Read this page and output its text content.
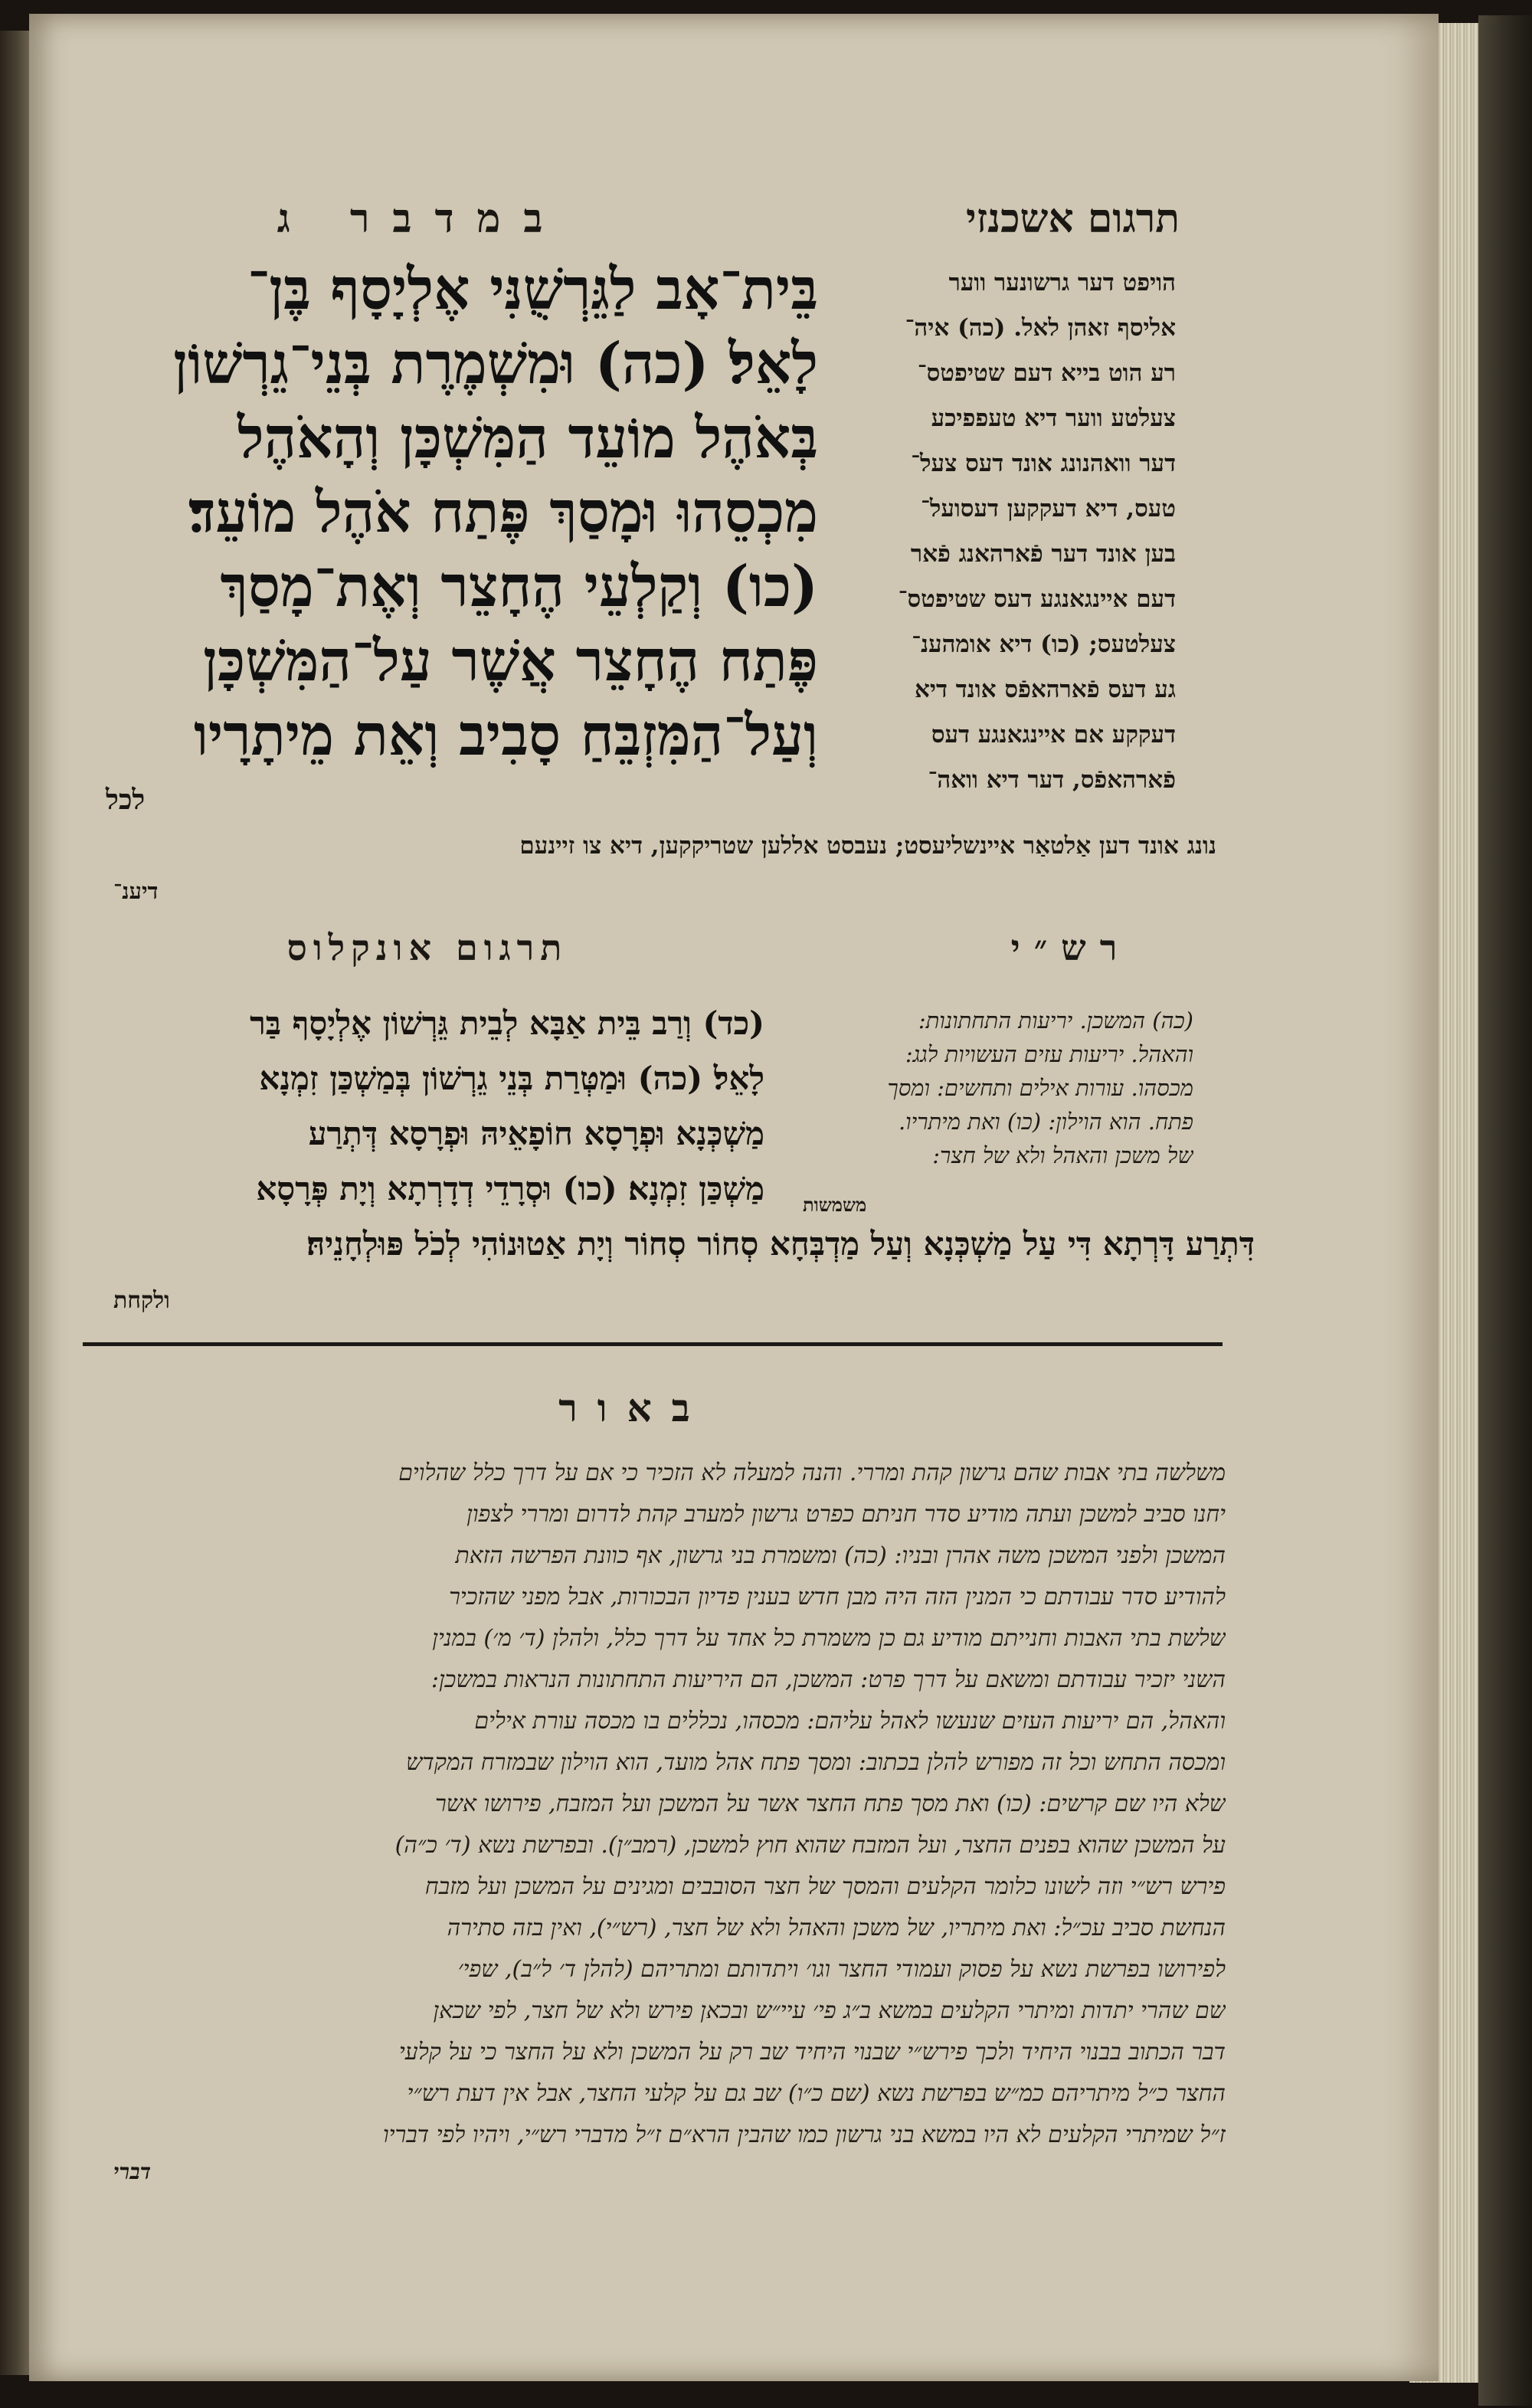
תרגום אשכנזי
במדבר ג
הויפט דער גרשונער ווער
אליסף זאהן לאל. (כה) איה־
רע הוט בייא דעם שטיפטס־
צעלטע ווער דיא טעפפיכע
דער וואהנונג אונד דעס צעל־
טעס, דיא דעקקען דעסועל־
בען אונד דער פֿארהאנג פֿאר
דעם איינגאנגע דעס שטיפטס־
צעלטעס; (כו) דיא אומהענ־
גע דעס פֿארהאפֿס אונד דיא
דעקקע אם איינגאנגע דעס
פֿארהאפֿס, דער דיא וואה־
בֵּית־אָב לַגֵּרְשֻׁנִּי אֶלְיָסָף בֶּן־
לָאֵל׃ (כה) וּמִשְׁמֶרֶת בְּנֵי־גֵרְשׁוֹן
בְּאֹהֶל מוֹעֵד הַמִּשְׁכָּן וְהָאֹהֶל
מִכְסֵהוּ וּמָסַךְ פֶּתַח אֹהֶל מוֹעֵד׃
(כו) וְקַלְעֵי הֶחָצֵר וְאֶת־מָסַךְ
פֶּתַח הֶחָצֵר אֲשֶׁר עַל־הַמִּשְׁכָּן
וְעַל־הַמִּזְבֵּחַ סָבִיב וְאֵת מֵיתָרָיו
לכל
נונג אונד דען אַלטאַר איינשליעסט; נעבסט אללען שטריקקען, דיא צו זיינעם
דיענ־
רש״י
תרגום אונקלוס
(כה) המשכן. יריעות התחתונות:
והאהל. יריעות עזים העשויות לגג:
מכסהו. עורות אילים ותחשים: ומסך
פתח. הוא הוילון: (כו) ואת מיתריו.
של משכן והאהל ולא של חצר:
(כד) וְרַב בֵּית אַבָּא לְבֵית גֵּרְשׁוֹן אֶלְיָסָף בַּר
לָאֵל׃ (כה) וּמַטְּרַת בְּנֵי גֵרְשׁוֹן בְּמַשְׁכַּן זִמְנָא
מַשְׁכְּנָא וּפְרָסָא חוֹפָאֵיהּ וּפְרָסָא דְּתְרַע
מַשְׁכַּן זִמְנָא׃ (כו) וּסְרָדֵי דְדָרְתָא וְיָת פְּרָסָא משמשות
דִּתְרַע דָּרְתָא דִּי עַל מַשְׁכְּנָא וְעַל מַדְבְּחָא סְחוֹר סְחוֹר וְיָת אַטוּנוֹהִי לְכֹל פּוּלְחָנֵיהּ׃
ולקחת
באור
משלשה בתי אבות שהם גרשון קהת ומררי. והנה למעלה לא הזכיר כי אם על דרך כלל שהלוים
יחנו סביב למשכן ועתה מודיע סדר חניתם כפרט גרשון למערב קהת לדרום ומררי לצפון
המשכן ולפני המשכן משה אהרן ובניו: (כה) ומשמרת בני גרשון, אף כוונת הפרשה הזאת
להודיע סדר עבודתם כי המנין הזה היה מבן חדש בענין פדיון הבכורות, אבל מפני שהזכיר
שלשת בתי האבות וחנייתם מודיע גם כן משמרת כל אחד על דרך כלל, ולהלן (ד׳ מ׳) במנין
השני יזכיר עבודתם ומשאם על דרך פרט: המשכן, הם היריעות התחתונות הנראות במשכן:
והאהל, הם יריעות העזים שנעשו לאהל עליהם: מכסהו, נכללים בו מכסה עורת אילים
ומכסה התחש וכל זה מפורש להלן בכתוב: ומסך פתח אהל מועד, הוא הוילון שבמזרח המקדש
שלא היו שם קרשים: (כו) ואת מסך פתח החצר אשר על המשכן ועל המזבח, פירושו אשר
על המשכן שהוא בפנים החצר, ועל המזבח שהוא חוץ למשכן, (רמב״ן). ובפרשת נשא (ד׳ כ״ה)
פירש רש״י וזה לשונו כלומר הקלעים והמסך של חצר הסובבים ומגינים על המשכן ועל מזבח
הנחשת סביב עכ״ל: ואת מיתריו, של משכן והאהל ולא של חצר, (רש״י), ואין בזה סתירה
לפירושו בפרשת נשא על פסוק ועמודי החצר וגו׳ ויתדותם ומתריהם (להלן ד׳ ל״ב), שפי׳
שם שהרי יתדות ומיתרי הקלעים במשא ב״ג פי׳ עיי״ש ובכאן פירש ולא של חצר, לפי שכאן
דבר הכתוב בבנוי היחיד ולכך פירש״י שבנוי היחיד שב רק על המשכן ולא על החצר כי על קלעי
החצר כ״ל מיתריהם כמ״ש בפרשת נשא (שם כ״ו) שב גם על קלעי החצר, אבל אין דעת רש״י
ז״ל שמיתרי הקלעים לא היו במשא בני גרשון כמו שהבין הרא״ם ז״ל מדברי רש״י, ויהיו לפי דבריו
דברי
